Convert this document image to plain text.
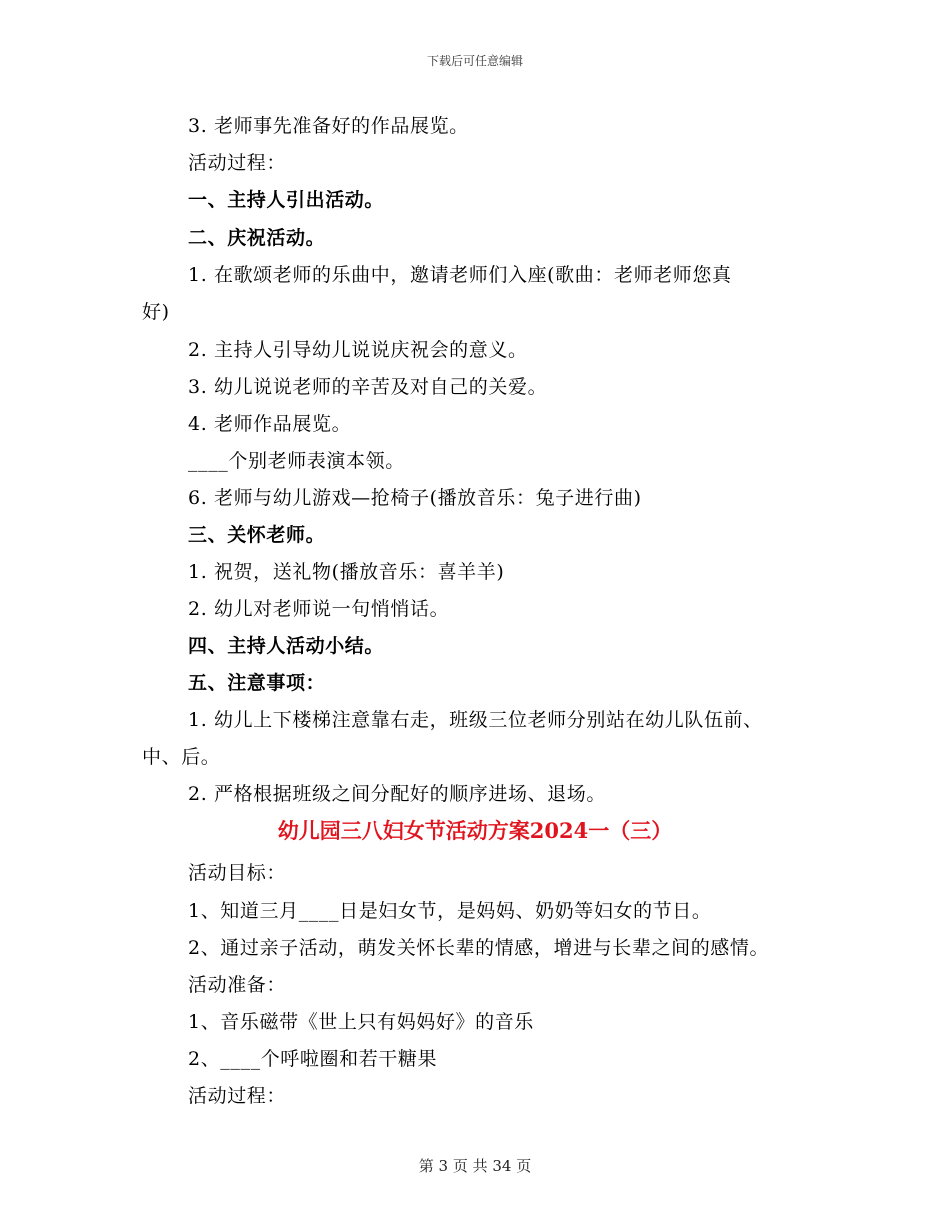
下载后可任意编辑
3. 老师事先准备好的作品展览。
活动过程：
一、主持人引出活动。
二、庆祝活动。
1. 在歌颂老师的乐曲中，邀请老师们入座(歌曲：老师老师您真
好)
2. 主持人引导幼儿说说庆祝会的意义。
3. 幼儿说说老师的辛苦及对自己的关爱。
4. 老师作品展览。
____个别老师表演本领。
6. 老师与幼儿游戏—抢椅子(播放音乐：兔子进行曲)
三、关怀老师。
1. 祝贺，送礼物(播放音乐：喜羊羊)
2. 幼儿对老师说一句悄悄话。
四、主持人活动小结。
五、注意事项：
1. 幼儿上下楼梯注意靠右走，班级三位老师分别站在幼儿队伍前、
中、后。
2. 严格根据班级之间分配好的顺序进场、退场。
幼儿园三八妇女节活动方案2024一（三）
活动目标：
1、知道三月____日是妇女节，是妈妈、奶奶等妇女的节日。
2、通过亲子活动，萌发关怀长辈的情感，增进与长辈之间的感情。
活动准备：
1、音乐磁带《世上只有妈妈好》的音乐
2、____个呼啦圈和若干糖果
活动过程：
第 3 页 共 34 页
